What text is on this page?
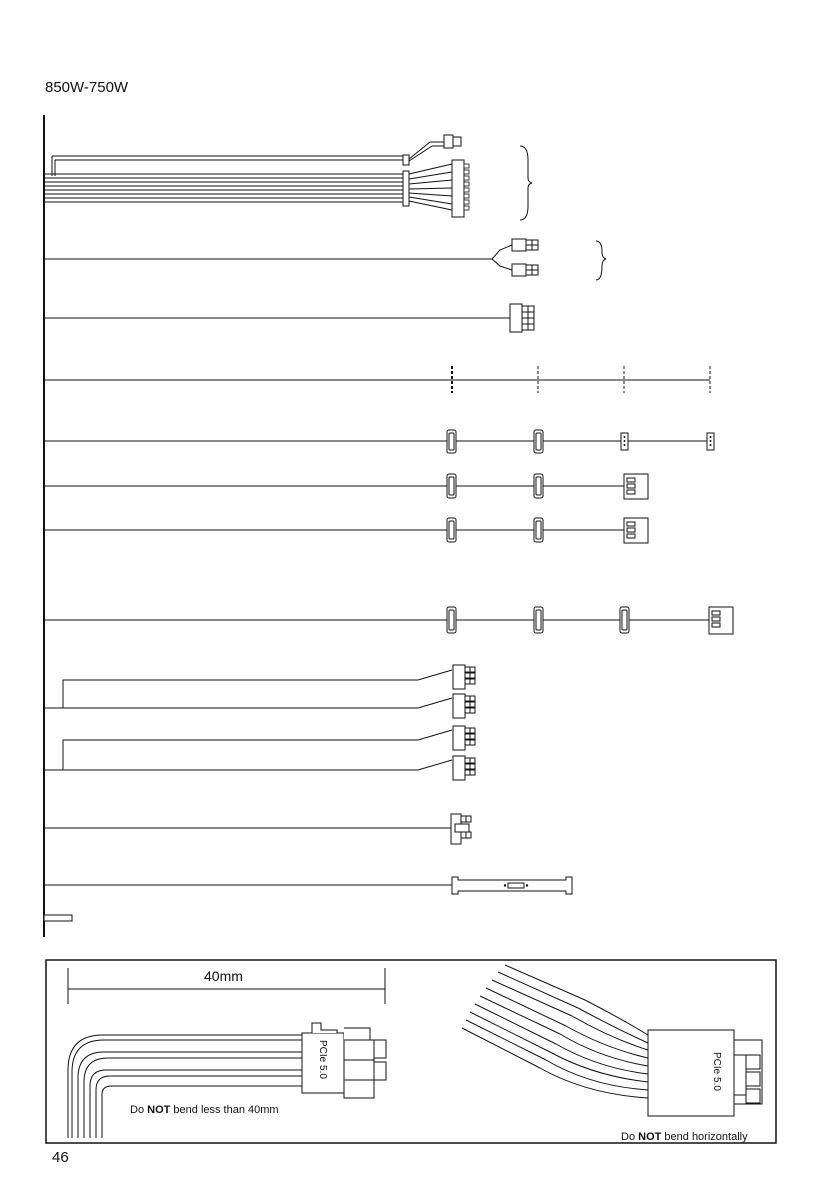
850W-750W
40mm
PCIe 5.0	PCIe 5.0
Do NOT bend less than 40mm
Do NOT bend horizontally
46
